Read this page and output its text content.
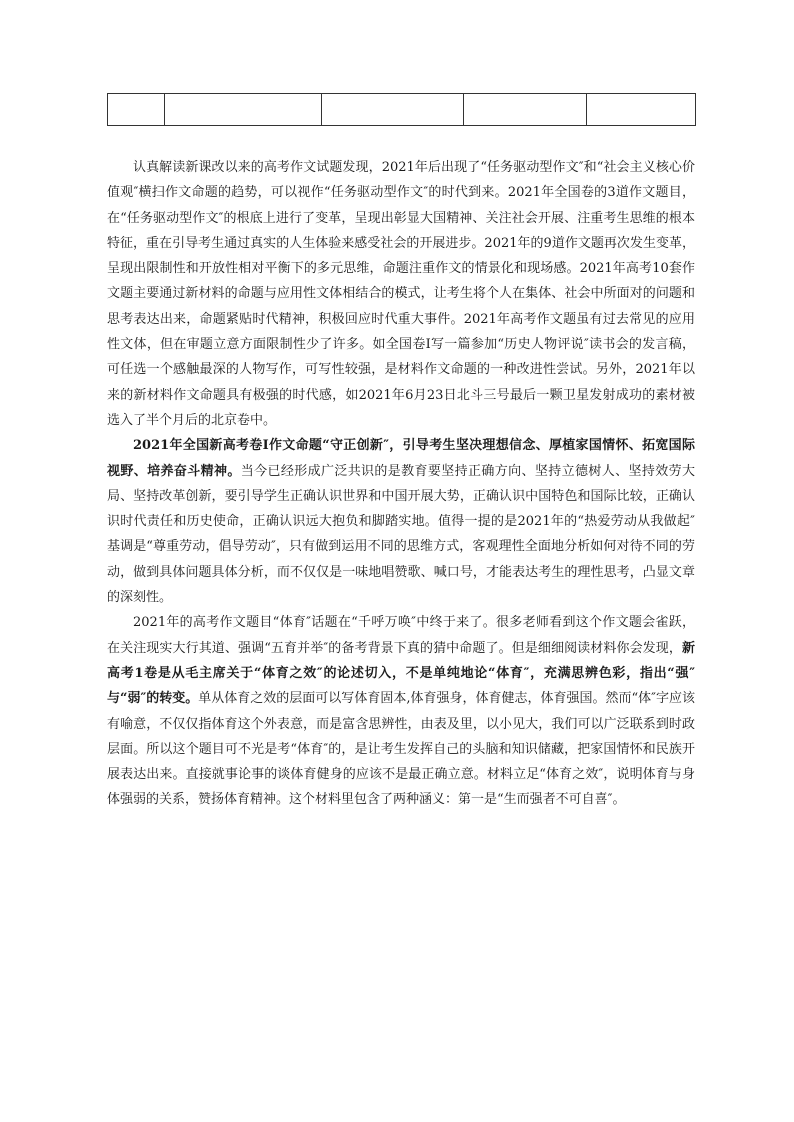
认真解读新课改以来的高考作文试题发现，2021年后出现了“任务驱动型作文″和“社会主义核心价值观″横扫作文命题的趋势，可以视作“任务驱动型作文″的时代到来。2021年全国卷的3道作文题目，在“任务驱动型作文″的根底上进行了变革，呈现出彰显大国精神、关注社会开展、注重考生思维的根本特征，重在引导考生通过真实的人生体验来感受社会的开展进步。2021年的9道作文题再次发生变革，呈现出限制性和开放性相对平衡下的多元思维，命题注重作文的情景化和现场感。2021年高考10套作文题主要通过新材料的命题与应用性文体相结合的模式，让考生将个人在集体、社会中所面对的问题和思考表达出来，命题紧贴时代精神，积极回应时代重大事件。2021年高考作文题虽有过去常见的应用性文体，但在审题立意方面限制性少了许多。如全国卷Ⅰ写一篇参加“历史人物评说″读书会的发言稿，可任选一个感触最深的人物写作，可写性较强，是材料作文命题的一种改进性尝试。另外，2021年以来的新材料作文命题具有极强的时代感，如2021年6月23日北斗三号最后一颗卫星发射成功的素材被选入了半个月后的北京卷中。

2021年全国新高考卷Ⅰ作文命题“守正创新″，引导考生坚决理想信念、厚植家国情怀、拓宽国际视野、培养奋斗精神。当今已经形成广泛共识的是教育要坚持正确方向、坚持立德树人、坚持效劳大局、坚持改革创新，要引导学生正确认识世界和中国开展大势，正确认识中国特色和国际比较，正确认识时代责任和历史使命，正确认识远大抱负和脚踏实地。值得一提的是2021年的“热爱劳动从我做起″基调是“尊重劳动，倡导劳动″，只有做到运用不同的思维方式，客观理性全面地分析如何对待不同的劳动，做到具体问题具体分析，而不仅仅是一味地唱赞歌、喊口号，才能表达考生的理性思考，凸显文章的深刻性。

2021年的高考作文题目“体育″话题在“千呼万唤″中终于来了。很多老师看到这个作文题会雀跃，在关注现实大行其道、强调“五育并举″的备考背景下真的猜中命题了。但是细细阅读材料你会发现，新高考1卷是从毛主席关于“体育之效″的论述切入，不是单纯地论“体育″，充满思辨色彩，指出“强″与“弱″的转变。单从体育之效的层面可以写体育固本,体育强身，体育健志，体育强国。然而“体″字应该有喻意，不仅仅指体育这个外表意，而是富含思辨性，由表及里，以小见大，我们可以广泛联系到时政层面。所以这个题目可不光是考“体育″的，是让考生发挥自己的头脑和知识储藏，把家国情怀和民族开展表达出来。直接就事论事的谈体育健身的应该不是最正确立意。材料立足“体育之效″，说明体育与身体强弱的关系，赞扬体育精神。这个材料里包含了两种涵义：第一是“生而强者不可自喜″。
